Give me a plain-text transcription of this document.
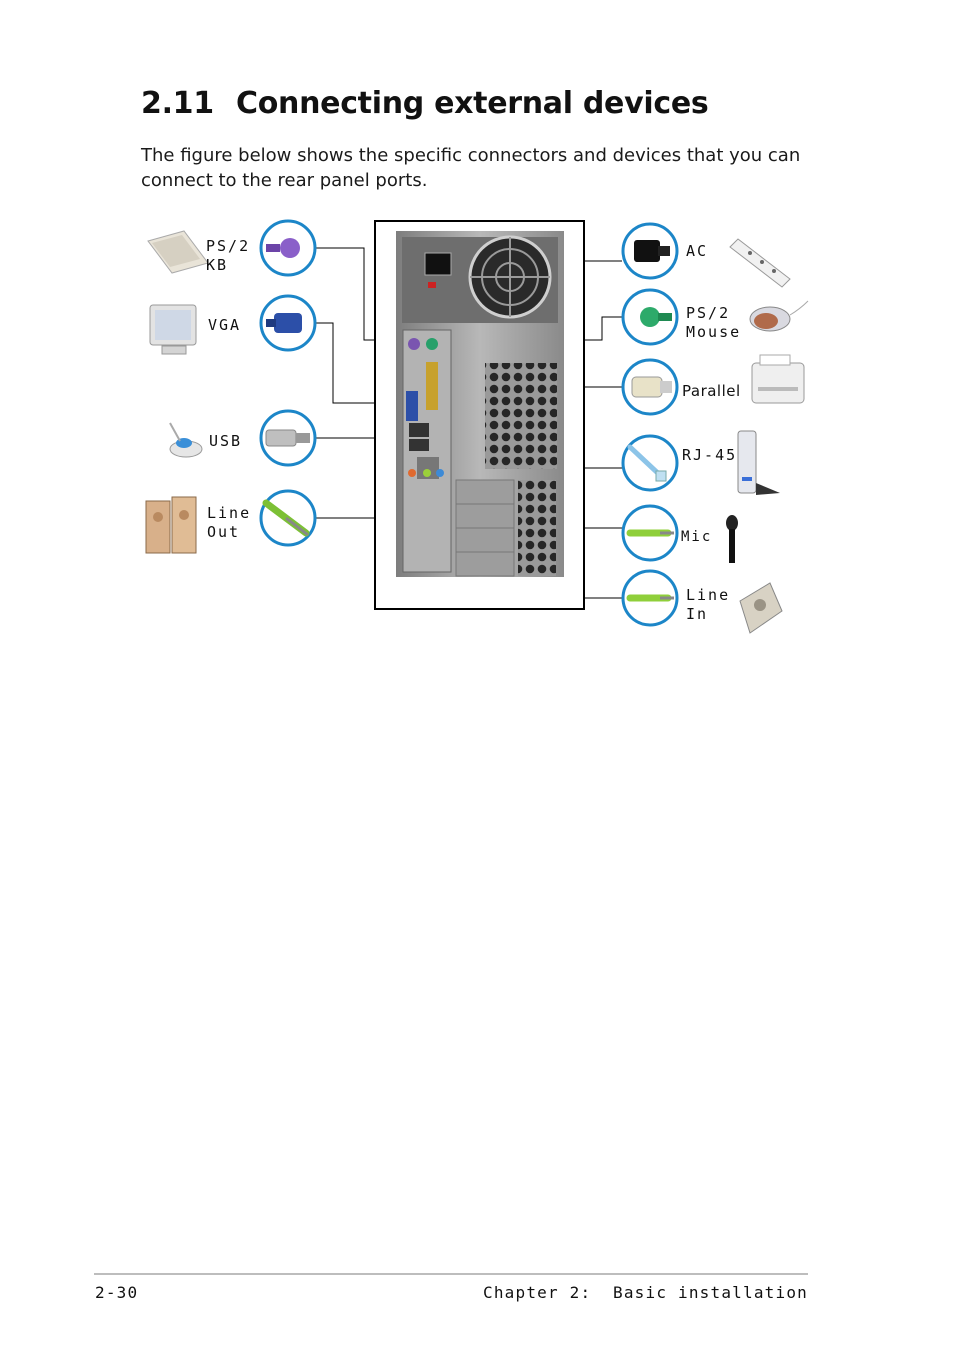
2.11 Connecting external devices

The figure below shows the specific connectors and devices that you can connect to the rear panel ports.

PS/2
KB
VGA
USB
Line
Out
AC
PS/2
Mouse
Parallel
RJ-45
Mic
Line
In
2-30	Chapter 2:  Basic installation
